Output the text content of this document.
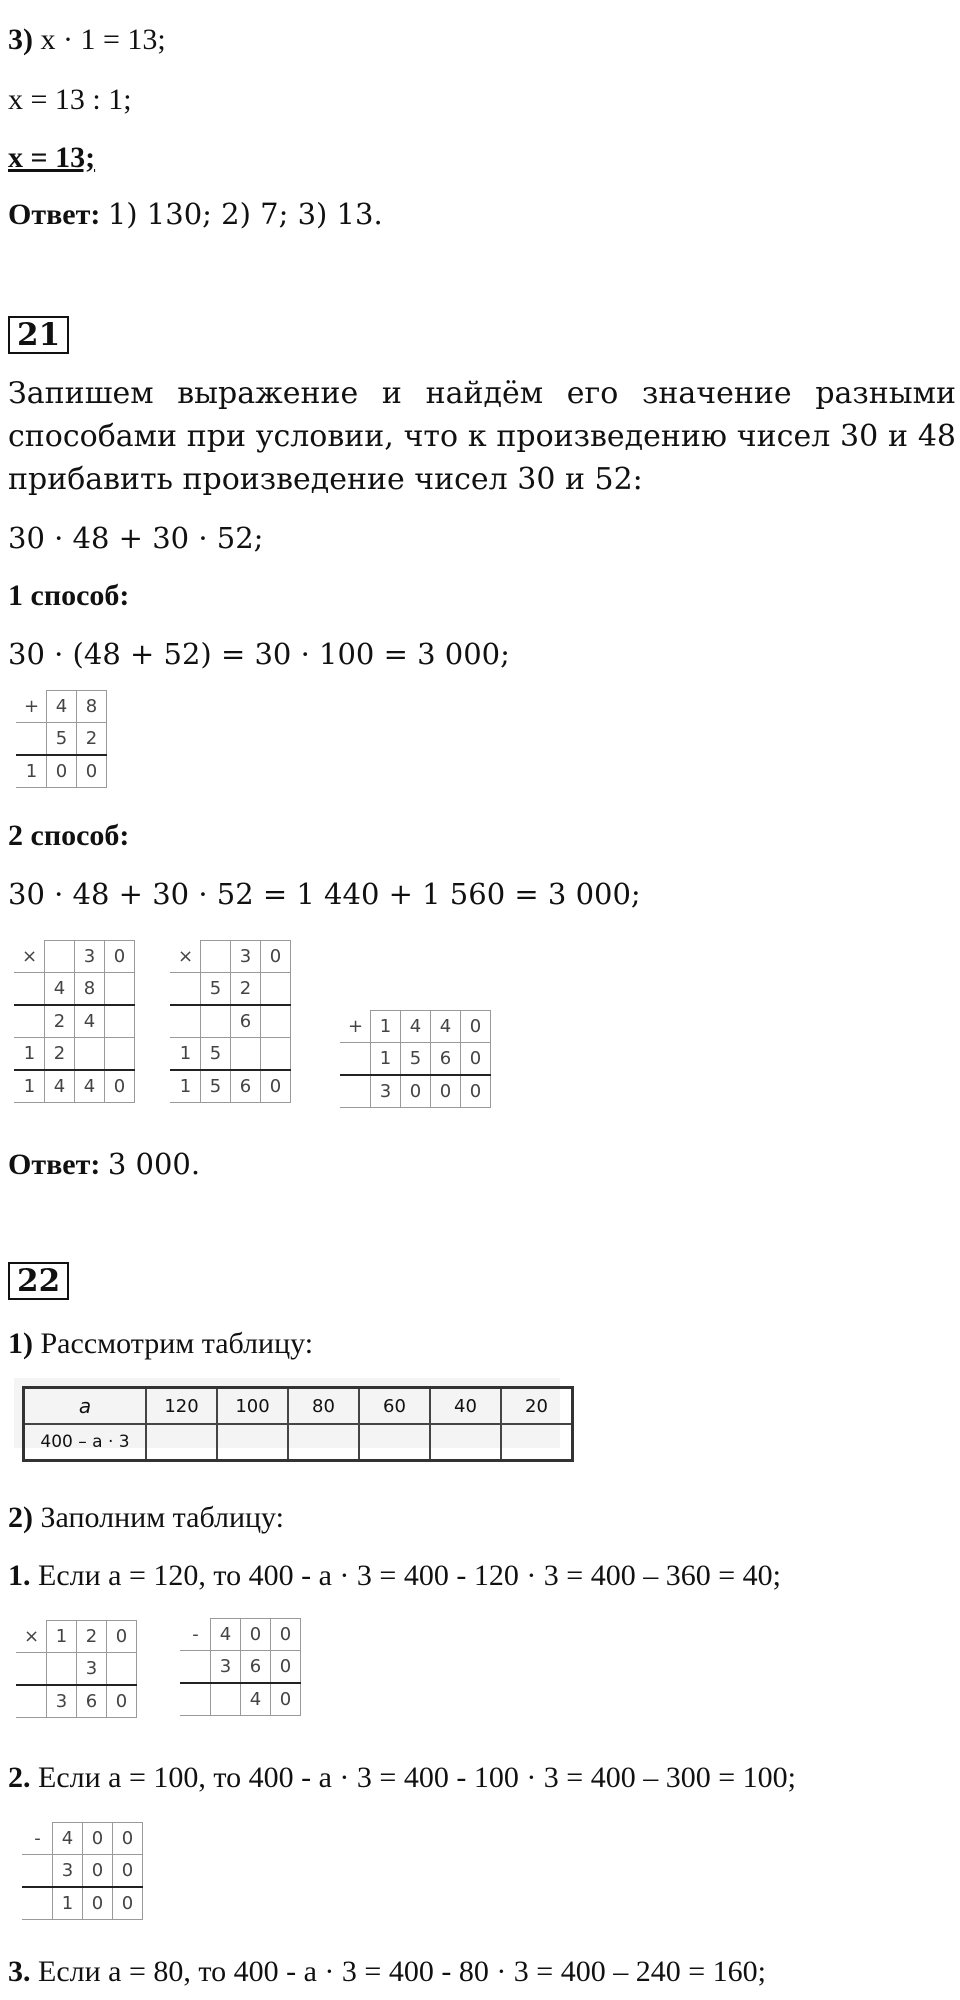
3) x · 1 = 13;
x = 13 : 1;
x = 13;
Ответ: 1) 130; 2) 7; 3) 13.
21
Запишем выражение и найдём его значение разными способами при условии, что к произведению чисел 30 и 48 прибавить произведение чисел 30 и 52:
30 · 48 + 30 · 52;
1 способ:
30 · (48 + 52) = 30 · 100 = 3 000;
+	4	8
	5	2
1	0	0
2 способ:
30 · 48 + 30 · 52 = 1 440 + 1 560 = 3 000;
×		3	0
	4	8	
	2	4	
1	2		
1	4	4	0
×		3	0
	5	2	
		6	
1	5		
1	5	6	0
+	1	4	4	0
	1	5	6	0
	3	0	0	0
Ответ: 3 000.
22
1) Рассмотрим таблицу:
a	120	100	80	60	40	20
400 – a · 3						
2) Заполним таблицу:
1. Если a = 120, то 400 - a · 3 = 400 - 120 · 3 = 400 – 360 = 40;
×	1	2	0
		3	
	3	6	0
-	4	0	0
	3	6	0
		4	0
2. Если a = 100, то 400 - a · 3 = 400 - 100 · 3 = 400 – 300 = 100;
-	4	0	0
	3	0	0
	1	0	0
3. Если a = 80, то 400 - a · 3 = 400 - 80 · 3 = 400 – 240 = 160;
